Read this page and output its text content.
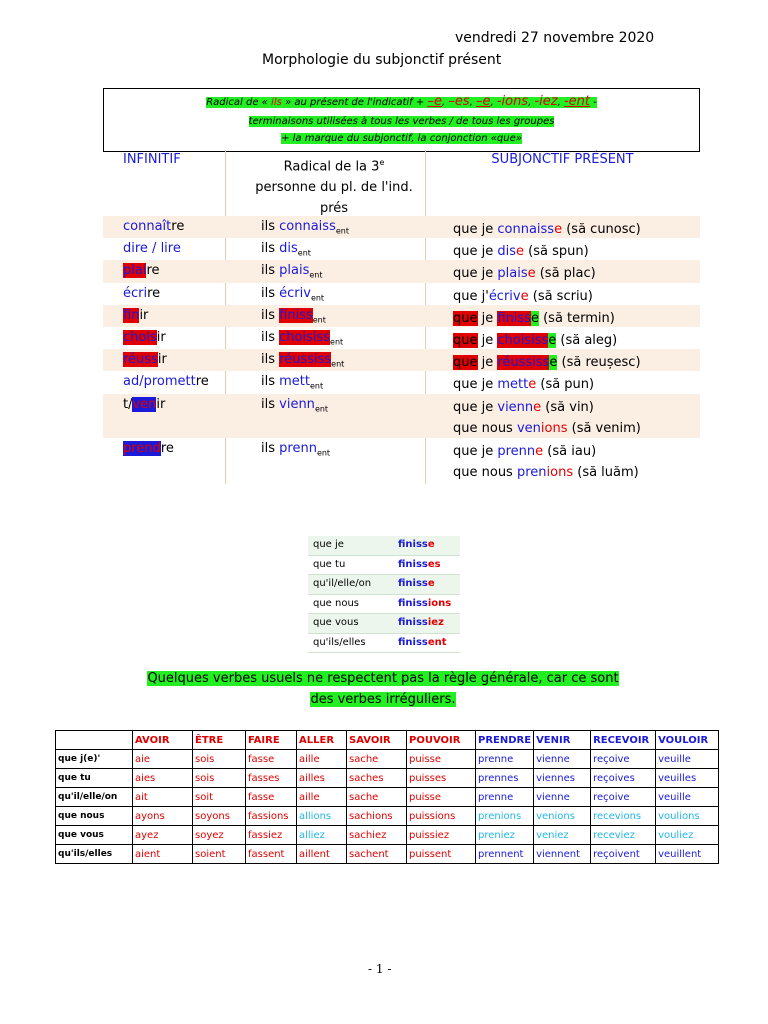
vendredi 27 novembre 2020
Morphologie du subjonctif présent
Radical de « ils » au présent de l'indicatif + –e, –es, –e, -ions, -iez, -ent -
terminaisons utilisées à tous les verbes / de tous les groupes
+ la marque du subjonctif, la conjonction «que»
INFINITIF	Radical de la 3e
personne du pl. de l'ind.
prés
SUBJONCTIF PRÉSENT
connaître	ils connaiss$_{ent}$	que je connaisse (să cunosc)
dire / lire	ils dis$_{ent}$	que je dise (să spun)
plaire	ils plais$_{ent}$	que je plaise (să plac)
écrire	ils écriv$_{ent}$	que j'écrive (să scriu)
finir	ils finiss$_{ent}$	que je finisse (să termin)
choisir	ils choisiss$_{ent}$	que je choisisse (să aleg)
réussir	ils réussiss$_{ent}$	que je réussisse (să reușesc)
ad/promettre	ils mett$_{ent}$	que je mette (să pun)
t/venir	ils vienn$_{ent}$	que je vienne (să vin)
que nous venions (să venim)
prendre	ils prenn$_{ent}$	que je prenne (să iau)
que nous prenions (să luăm)
que je	finisse
que tu	finisses
qu'il/elle/on	finisse
que nous	finissions
que vous	finissiez
qu'ils/elles	finissent
Quelques verbes usuels ne respectent pas la règle générale, car ce sont
des verbes irréguliers.
	AVOIR	ÊTRE	FAIRE	ALLER	SAVOIR	POUVOIR	PRENDRE	VENIR	RECEVOIR	VOULOIR
que j(e)'	aie	sois	fasse	aille	sache	puisse	prenne	vienne	reçoive	veuille
que tu	aies	sois	fasses	ailles	saches	puisses	prennes	viennes	reçoives	veuilles
qu'il/elle/on	ait	soit	fasse	aille	sache	puisse	prenne	vienne	reçoive	veuille
que nous	ayons	soyons	fassions	allions	sachions	puissions	prenions	venions	recevions	voulions
que vous	ayez	soyez	fassiez	alliez	sachiez	puissiez	preniez	veniez	receviez	vouliez
qu'ils/elles	aient	soient	fassent	aillent	sachent	puissent	prennent	viennent	reçoivent	veuillent
- 1 -
